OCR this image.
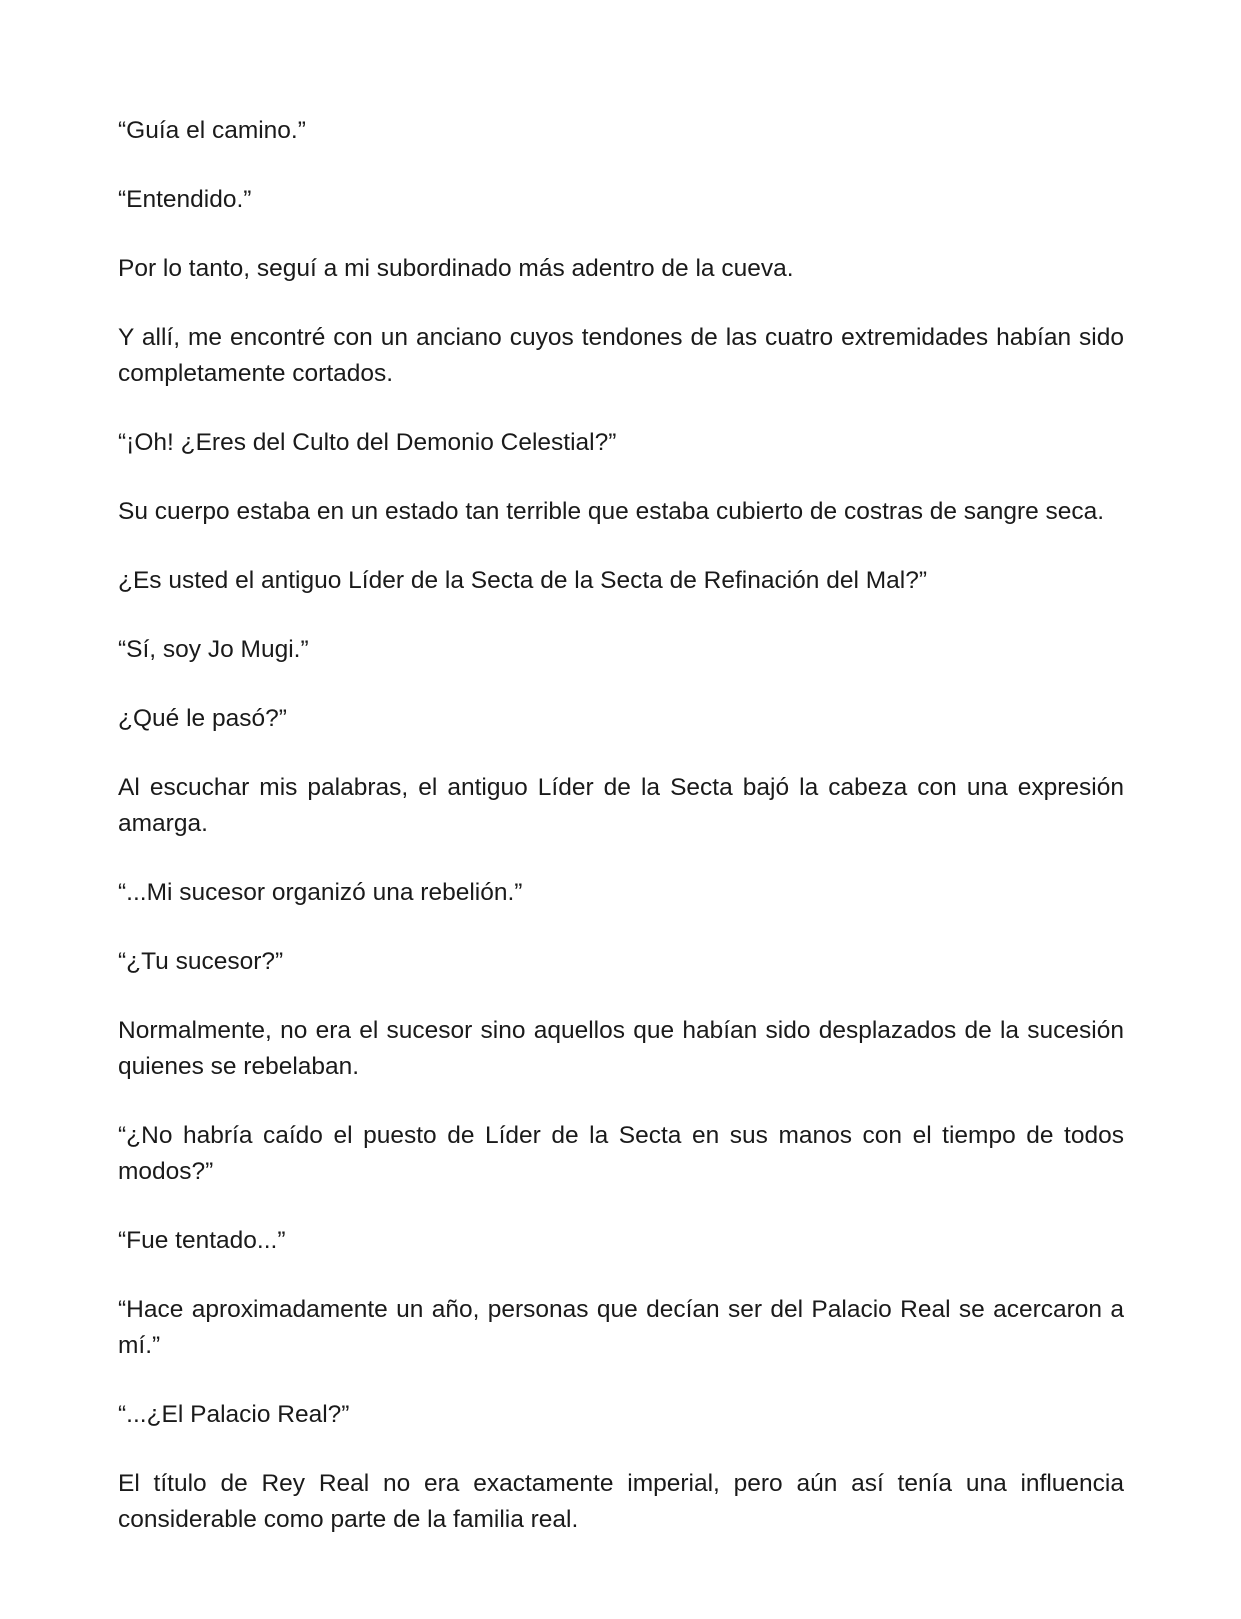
“Guía el camino.”

“Entendido.”

Por lo tanto, seguí a mi subordinado más adentro de la cueva.

Y allí, me encontré con un anciano cuyos tendones de las cuatro extremidades habían sido completamente cortados.

“¡Oh! ¿Eres del Culto del Demonio Celestial?”

Su cuerpo estaba en un estado tan terrible que estaba cubierto de costras de sangre seca.

¿Es usted el antiguo Líder de la Secta de la Secta de Refinación del Mal?”

“Sí, soy Jo Mugi.”

¿Qué le pasó?”

Al escuchar mis palabras, el antiguo Líder de la Secta bajó la cabeza con una expresión amarga.

“...Mi sucesor organizó una rebelión.”

“¿Tu sucesor?”

Normalmente, no era el sucesor sino aquellos que habían sido desplazados de la sucesión quienes se rebelaban.

“¿No habría caído el puesto de Líder de la Secta en sus manos con el tiempo de todos modos?”

“Fue tentado...”

“Hace aproximadamente un año, personas que decían ser del Palacio Real se acercaron a mí.”

“...¿El Palacio Real?”

El título de Rey Real no era exactamente imperial, pero aún así tenía una influencia considerable como parte de la familia real.
